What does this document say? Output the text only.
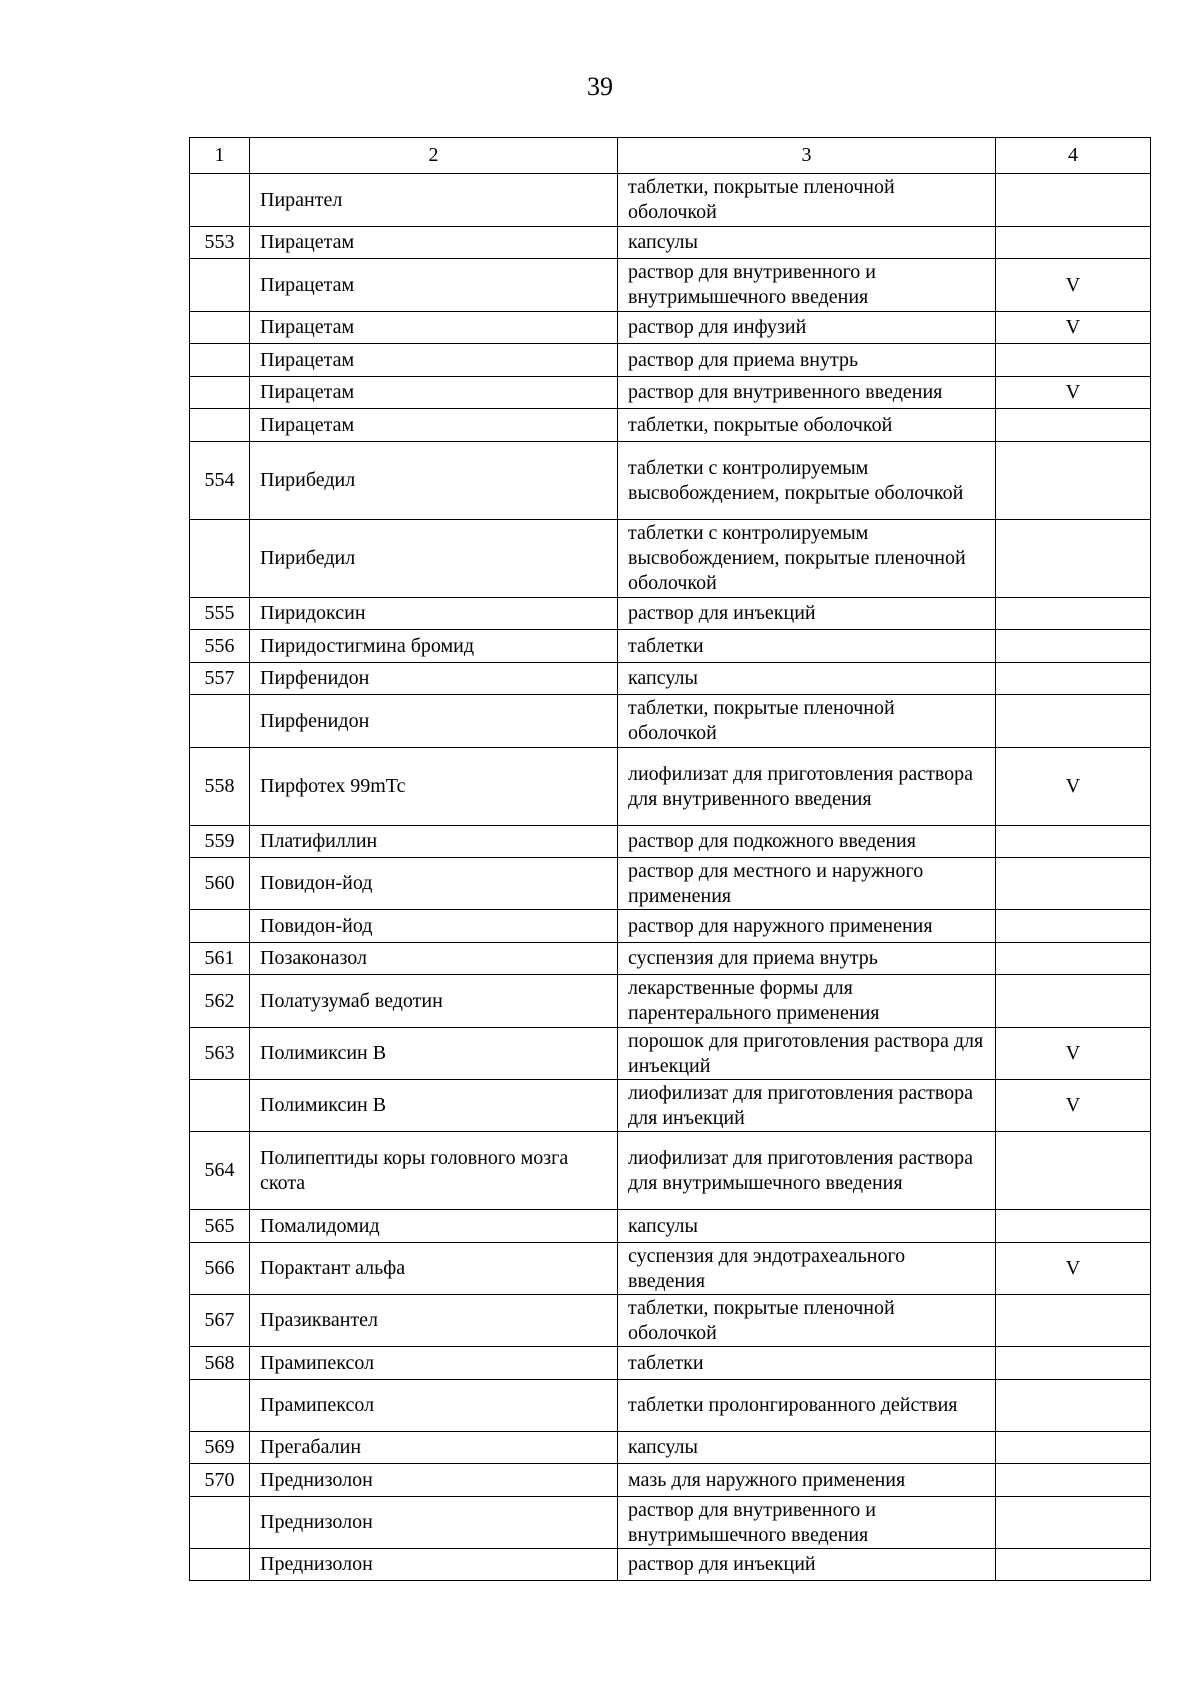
39
1	2	3	4
	Пирантел	таблетки, покрытые пленочной оболочкой	
553	Пирацетам	капсулы	
	Пирацетам	раствор для внутривенного и внутримышечного введения	V
	Пирацетам	раствор для инфузий	V
	Пирацетам	раствор для приема внутрь	
	Пирацетам	раствор для внутривенного введения	V
	Пирацетам	таблетки, покрытые оболочкой	
554	Пирибедил	таблетки с контролируемым высвобождением, покрытые оболочкой	
	Пирибедил	таблетки с контролируемым высвобождением, покрытые пленочной оболочкой	
555	Пиридоксин	раствор для инъекций	
556	Пиридостигмина бромид	таблетки	
557	Пирфенидон	капсулы	
	Пирфенидон	таблетки, покрытые пленочной оболочкой	
558	Пирфотех 99mTc	лиофилизат для приготовления раствора для внутривенного введения	V
559	Платифиллин	раствор для подкожного введения	
560	Повидон-йод	раствор для местного и наружного применения	
	Повидон-йод	раствор для наружного применения	
561	Позаконазол	суспензия для приема внутрь	
562	Полатузумаб ведотин	лекарственные формы для парентерального применения	
563	Полимиксин В	порошок для приготовления раствора для инъекций	V
	Полимиксин В	лиофилизат для приготовления раствора для инъекций	V
564	Полипептиды коры головного мозга скота	лиофилизат для приготовления раствора для внутримышечного введения	
565	Помалидомид	капсулы	
566	Порактант альфа	суспензия для эндотрахеального введения	V
567	Празиквантел	таблетки, покрытые пленочной оболочкой	
568	Прамипексол	таблетки	
	Прамипексол	таблетки пролонгированного действия	
569	Прегабалин	капсулы	
570	Преднизолон	мазь для наружного применения	
	Преднизолон	раствор для внутривенного и внутримышечного введения	
	Преднизолон	раствор для инъекций	
